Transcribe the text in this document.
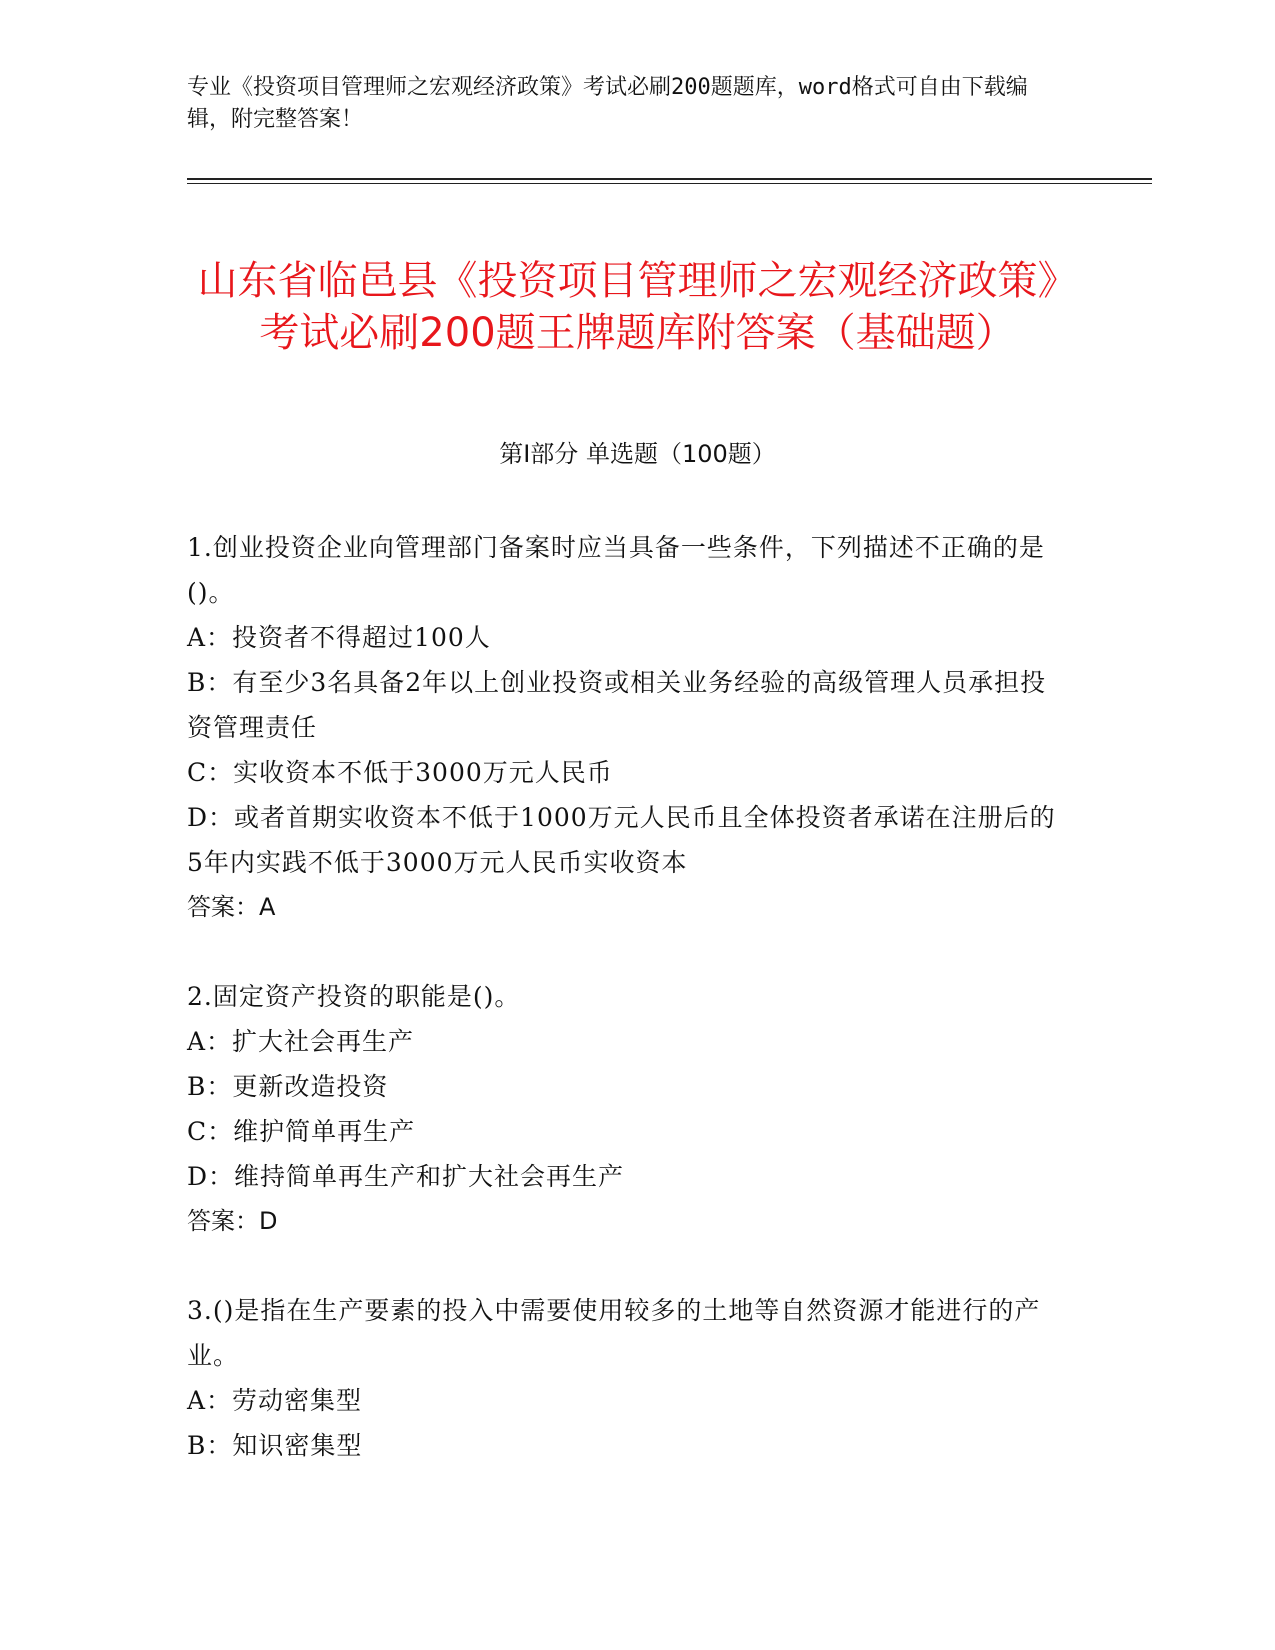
专业《投资项目管理师之宏观经济政策》考试必刷200题题库，word格式可自由下载编辑，附完整答案！
山东省临邑县《投资项目管理师之宏观经济政策》考试必刷200题王牌题库附答案（基础题）
第Ⅰ部分 单选题（100题）

1.创业投资企业向管理部门备案时应当具备一些条件，下列描述不正确的是()。

A：投资者不得超过100人

B：有至少3名具备2年以上创业投资或相关业务经验的高级管理人员承担投资管理责任

C：实收资本不低于3000万元人民币

D：或者首期实收资本不低于1000万元人民币且全体投资者承诺在注册后的5年内实践不低于3000万元人民币实收资本

答案：A

2.固定资产投资的职能是()。

A：扩大社会再生产

B：更新改造投资

C：维护简单再生产

D：维持简单再生产和扩大社会再生产

答案：D

3.()是指在生产要素的投入中需要使用较多的土地等自然资源才能进行的产业。

A：劳动密集型

B：知识密集型
